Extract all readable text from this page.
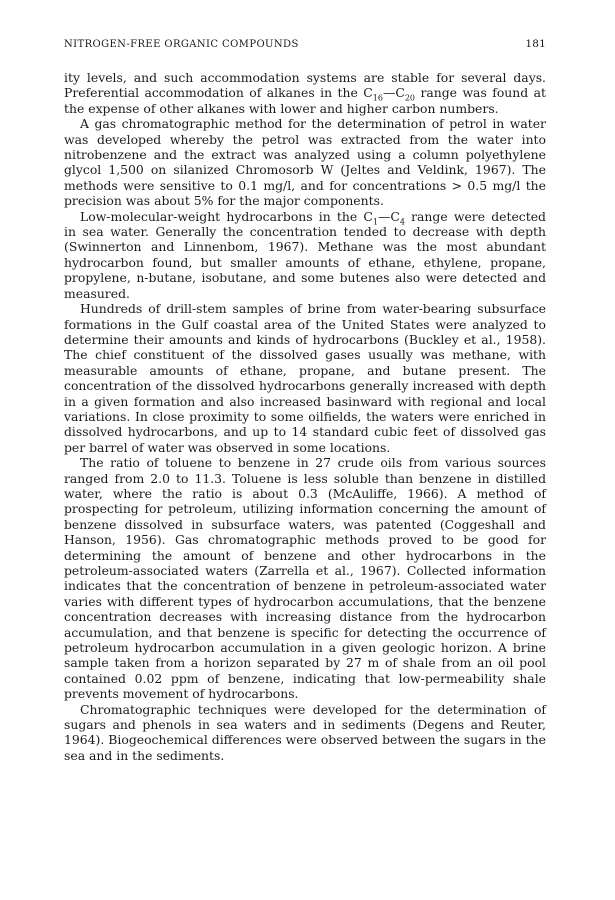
NITROGEN-FREE ORGANIC COMPOUNDS	181

ity levels, and such accommodation systems are stable for several days. Preferential accommodation of alkanes in the $C_{16}—C_{20}$ range was found at the expense of other alkanes with lower and higher carbon numbers.

A gas chromatographic method for the determination of petrol in water was developed whereby the petrol was extracted from the water into nitrobenzene and the extract was analyzed using a column polyethylene glycol 1,500 on silanized Chromosorb W (Jeltes and Veldink, 1967). The methods were sensitive to 0.1 mg/l, and for concentrations > 0.5 mg/l the precision was about 5% for the major components.

Low-molecular-weight hydrocarbons in the $C_1—C_4$ range were detected in sea water. Generally the concentration tended to decrease with depth (Swinnerton and Linnenbom, 1967). Methane was the most abundant hydrocarbon found, but smaller amounts of ethane, ethylene, propane, propylene, n-butane, isobutane, and some butenes also were detected and measured.

Hundreds of drill-stem samples of brine from water-bearing subsurface formations in the Gulf coastal area of the United States were analyzed to determine their amounts and kinds of hydrocarbons (Buckley et al., 1958). The chief constituent of the dissolved gases usually was methane, with measurable amounts of ethane, propane, and butane present. The concentration of the dissolved hydrocarbons generally increased with depth in a given formation and also increased basinward with regional and local variations. In close proximity to some oilfields, the waters were enriched in dissolved hydrocarbons, and up to 14 standard cubic feet of dissolved gas per barrel of water was observed in some locations.

The ratio of toluene to benzene in 27 crude oils from various sources ranged from 2.0 to 11.3. Toluene is less soluble than benzene in distilled water, where the ratio is about 0.3 (McAuliffe, 1966). A method of prospecting for petroleum, utilizing information concerning the amount of benzene dissolved in subsurface waters, was patented (Coggeshall and Hanson, 1956). Gas chromatographic methods proved to be good for determining the amount of benzene and other hydrocarbons in the petroleum-associated waters (Zarrella et al., 1967). Collected information indicates that the concentration of benzene in petroleum-associated water varies with different types of hydrocarbon accumulations, that the benzene concentration decreases with increasing distance from the hydrocarbon accumulation, and that benzene is specific for detecting the occurrence of petroleum hydrocarbon accumulation in a given geologic horizon. A brine sample taken from a horizon separated by 27 m of shale from an oil pool contained 0.02 ppm of benzene, indicating that low-permeability shale prevents movement of hydrocarbons.

Chromatographic techniques were developed for the determination of sugars and phenols in sea waters and in sediments (Degens and Reuter, 1964). Biogeochemical differences were observed between the sugars in the sea and in the sediments.
